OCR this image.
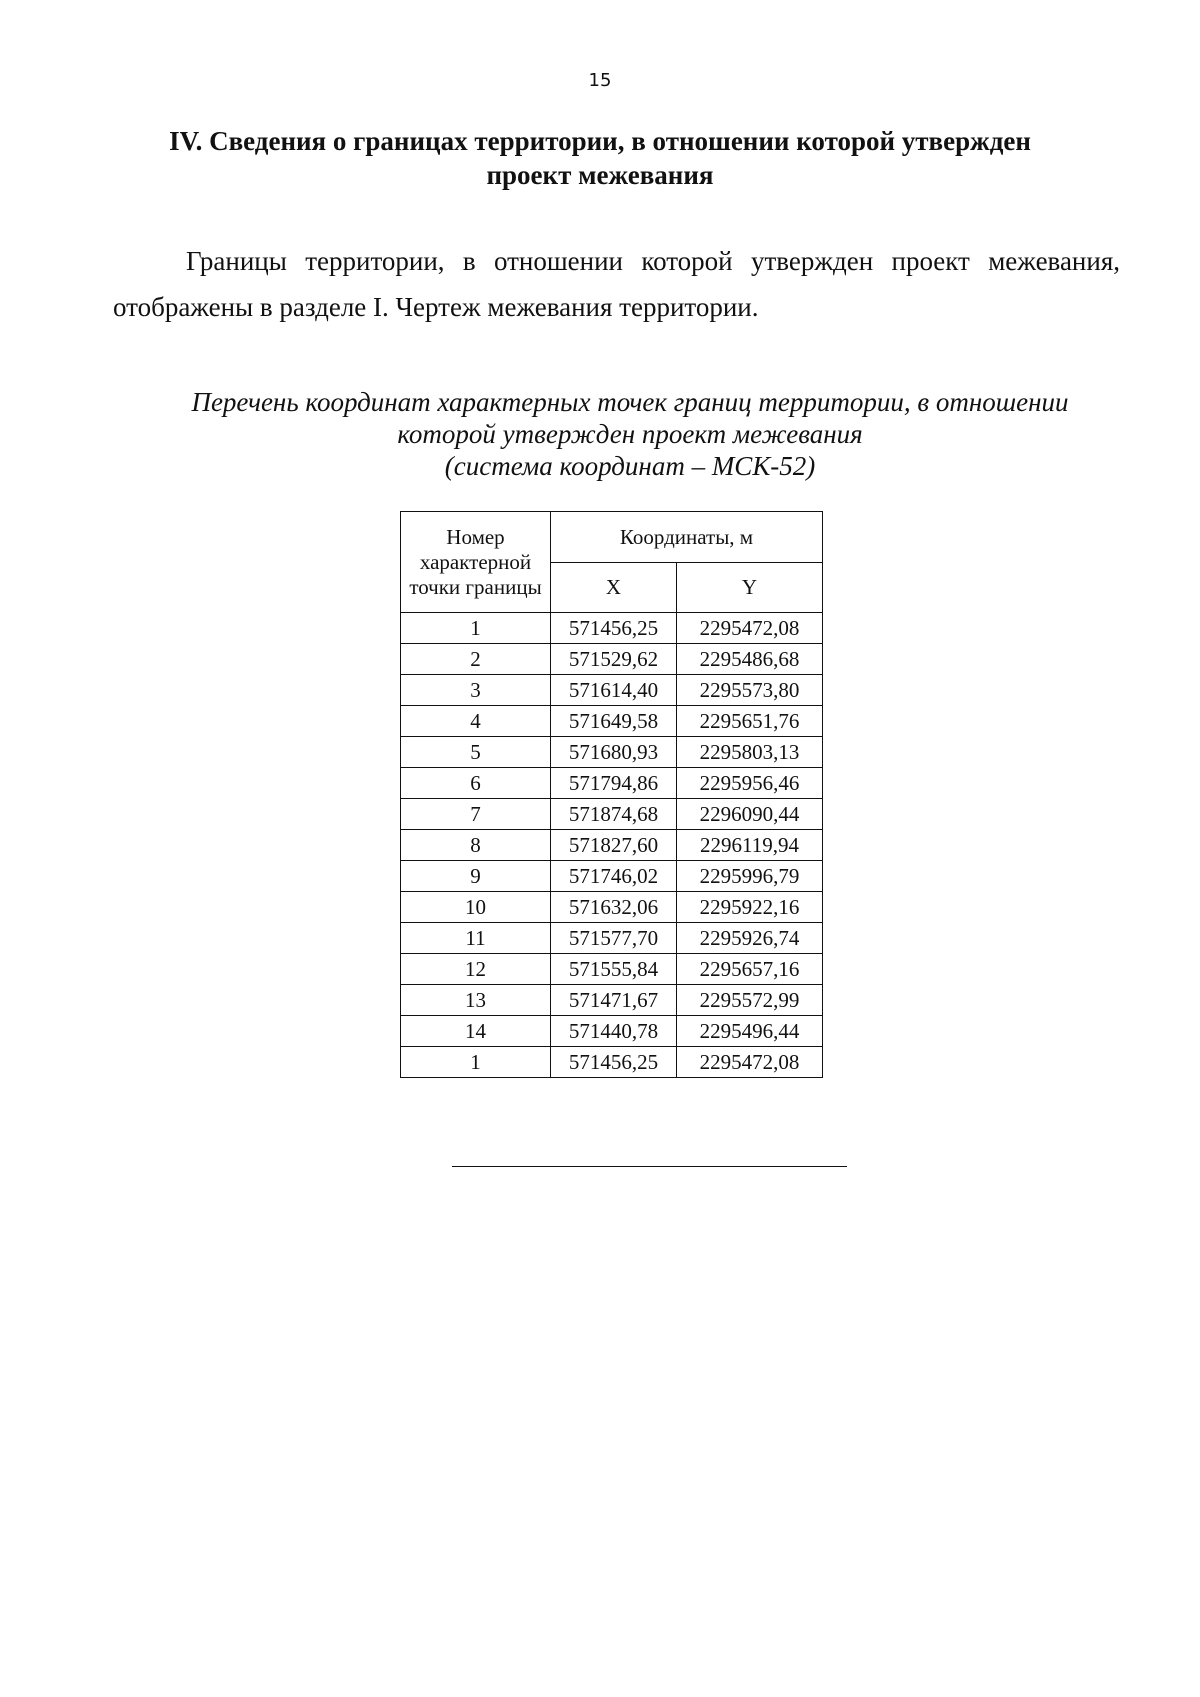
15
IV. Сведения о границах территории, в отношении которой утвержден проект межевания

Границы территории, в отношении которой утвержден проект межевания, отображены в разделе I. Чертеж межевания территории.

Перечень координат характерных точек границ территории, в отношении
которой утвержден проект межевания
(система координат – МСК-52)
Номер характерной точки границы	Координаты, м	
	X	Y
1	571456,25	2295472,08
2	571529,62	2295486,68
3	571614,40	2295573,80
4	571649,58	2295651,76
5	571680,93	2295803,13
6	571794,86	2295956,46
7	571874,68	2296090,44
8	571827,60	2296119,94
9	571746,02	2295996,79
10	571632,06	2295922,16
11	571577,70	2295926,74
12	571555,84	2295657,16
13	571471,67	2295572,99
14	571440,78	2295496,44
1	571456,25	2295472,08
